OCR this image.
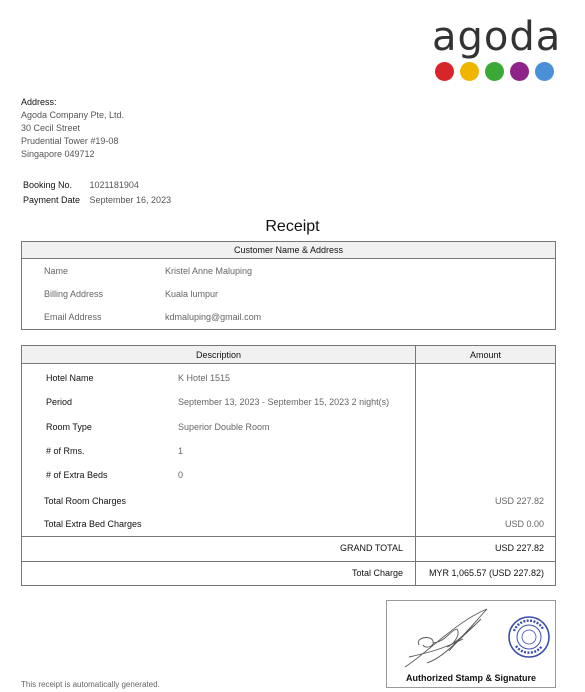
agoda
Address:
Agoda Company Pte, Ltd.
30 Cecil Street
Prudential Tower #19-08
Singapore 049712
Booking No. 1021181904
Payment Date September 16, 2023
Receipt
Customer Name & Address
Name	Kristel Anne Maluping
Billing Address	Kuala lumpur
Email Address	kdmaluping@gmail.com
Description	Amount
Hotel Name	K Hotel 1515
Period	September 13, 2023 - September 15, 2023 2 night(s)
Room Type	Superior Double Room
# of Rms.	1
# of Extra Beds	0
Total Room Charges	USD 227.82
Total Extra Bed Charges	USD 0.00
GRAND TOTAL	USD 227.82
Total Charge	MYR 1,065.57 (USD 227.82)
This receipt is automatically generated.
Authorized Stamp & Signature
